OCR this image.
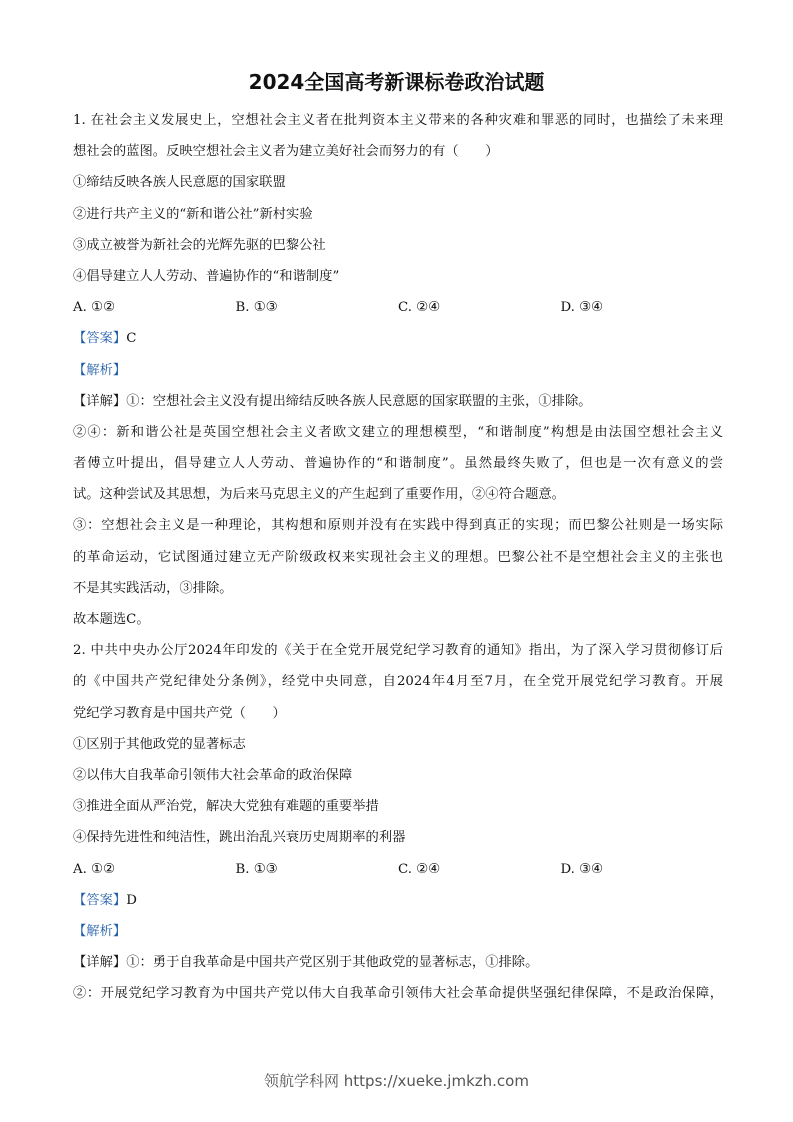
2024全国高考新课标卷政治试题
1. 在社会主义发展史上，空想社会主义者在批判资本主义带来的各种灾难和罪恶的同时，也描绘了未来理
想社会的蓝图。反映空想社会主义者为建立美好社会而努力的有（　　）
①缔结反映各族人民意愿的国家联盟
②进行共产主义的“新和谐公社”新村实验
③成立被誉为新社会的光辉先驱的巴黎公社
④倡导建立人人劳动、普遍协作的“和谐制度”
A. ①②	B. ①③	C. ②④	D. ③④
【答案】C
【解析】
【详解】①：空想社会主义没有提出缔结反映各族人民意愿的国家联盟的主张，①排除。
②④：新和谐公社是英国空想社会主义者欧文建立的理想模型，“和谐制度”构想是由法国空想社会主义
者傅立叶提出，倡导建立人人劳动、普遍协作的“和谐制度”。虽然最终失败了，但也是一次有意义的尝
试。这种尝试及其思想，为后来马克思主义的产生起到了重要作用，②④符合题意。
③：空想社会主义是一种理论，其构想和原则并没有在实践中得到真正的实现；而巴黎公社则是一场实际
的革命运动，它试图通过建立无产阶级政权来实现社会主义的理想。巴黎公社不是空想社会主义的主张也
不是其实践活动，③排除。
故本题选C。
2. 中共中央办公厅2024年印发的《关于在全党开展党纪学习教育的通知》指出，为了深入学习贯彻修订后
的《中国共产党纪律处分条例》，经党中央同意，自2024年4月至7月，在全党开展党纪学习教育。开展
党纪学习教育是中国共产党（　　）
①区别于其他政党的显著标志
②以伟大自我革命引领伟大社会革命的政治保障
③推进全面从严治党，解决大党独有难题的重要举措
④保持先进性和纯洁性，跳出治乱兴衰历史周期率的利器
A. ①②	B. ①③	C. ②④	D. ③④
【答案】D
【解析】
【详解】①：勇于自我革命是中国共产党区别于其他政党的显著标志，①排除。
②：开展党纪学习教育为中国共产党以伟大自我革命引领伟大社会革命提供坚强纪律保障，不是政治保障，
领航学科网 https://xueke.jmkzh.com
